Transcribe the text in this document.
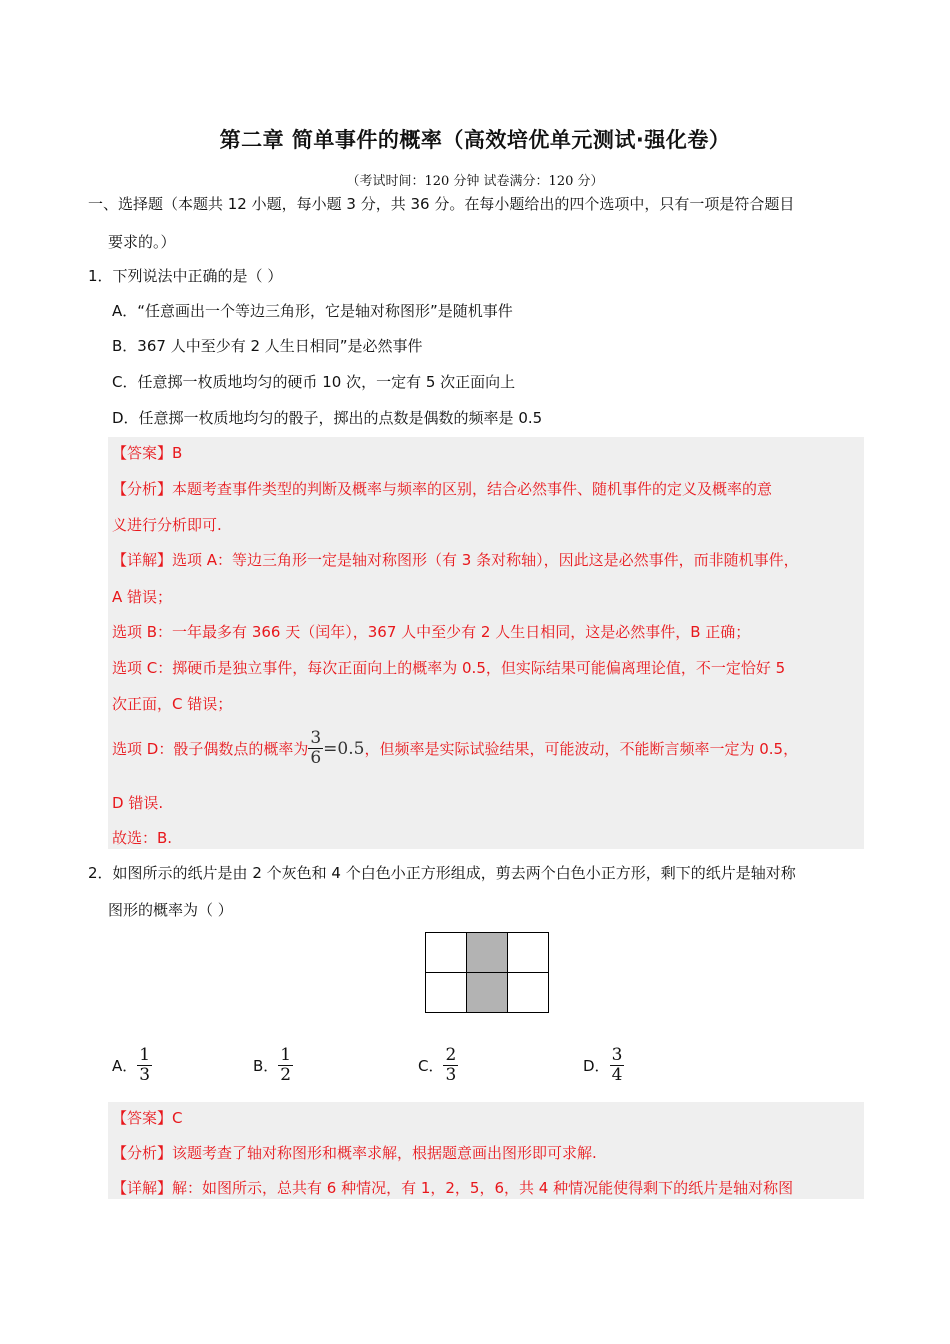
第二章 简单事件的概率（高效培优单元测试·强化卷）
（考试时间：120 分钟 试卷满分：120 分）
一、选择题（本题共 12 小题，每小题 3 分，共 36 分。在每小题给出的四个选项中，只有一项是符合题目
要求的。）
1．下列说法中正确的是（ ）
A．“任意画出一个等边三角形，它是轴对称图形”是随机事件
B．367 人中至少有 2 人生日相同”是必然事件
C．任意掷一枚质地均匀的硬币 10 次，一定有 5 次正面向上
D．任意掷一枚质地均匀的骰子，掷出的点数是偶数的频率是 0.5
【答案】B
【分析】本题考查事件类型的判断及概率与频率的区别，结合必然事件、随机事件的定义及概率的意
义进行分析即可.
【详解】选项 A：等边三角形一定是轴对称图形（有 3 条对称轴），因此这是必然事件，而非随机事件，
A 错误；
选项 B：一年最多有 366 天（闰年），367 人中至少有 2 人生日相同，这是必然事件，B 正确；
选项 C：掷硬币是独立事件，每次正面向上的概率为 0.5，但实际结果可能偏离理论值，不一定恰好 5
次正面，C 错误；
选项 D：骰子偶数点的概率为 $\frac{3}{6} =0.5$ ，但频率是实际试验结果，可能波动，不能断言频率一定为 0.5，
D 错误.
故选：B.
2．如图所示的纸片是由 2 个灰色和 4 个白色小正方形组成，剪去两个白色小正方形，剩下的纸片是轴对称
图形的概率为（ ）
A． $\frac{1}{3}$	B． $\frac{1}{2}$	C． $\frac{2}{3}$	D． $\frac{3}{4}$
【答案】C
【分析】该题考查了轴对称图形和概率求解，根据题意画出图形即可求解.
【详解】解：如图所示，总共有 6 种情况，有 1，2，5，6，共 4 种情况能使得剩下的纸片是轴对称图
